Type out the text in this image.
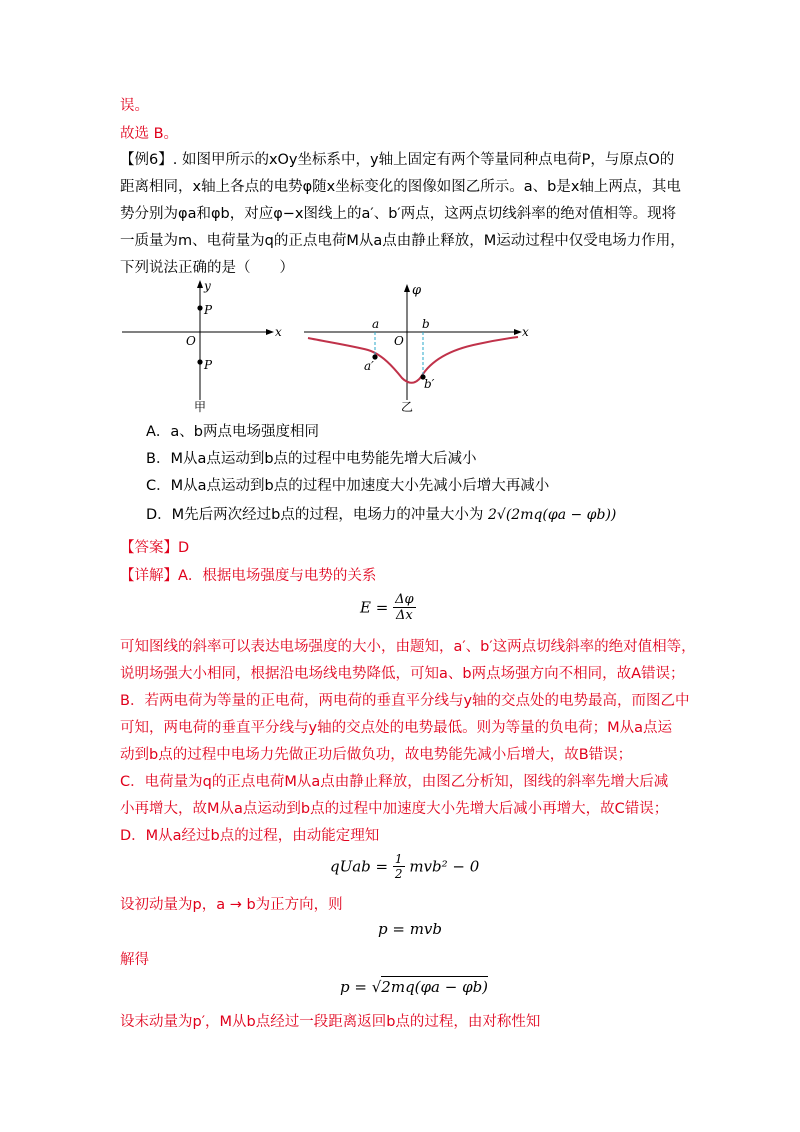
误。
故选 B。
【例6】. 如图甲所示的xOy坐标系中，y轴上固定有两个等量同种点电荷P，与原点O的
距离相同，x轴上各点的电势φ随x坐标变化的图像如图乙所示。a、b是x轴上两点，其电
势分别为φa和φb，对应φ−x图线上的a′、b′两点，这两点切线斜率的绝对值相等。现将
一质量为m、电荷量为q的正点电荷M从a点由静止释放，M运动过程中仅受电场力作用，
下列说法正确的是（　　）
y
x
O
P
P
甲
a	b
O
φ
x
a′
b′
乙
A．a、b两点电场强度相同
B．M从a点运动到b点的过程中电势能先增大后减小
C．M从a点运动到b点的过程中加速度大小先减小后增大再减小
D．M先后两次经过b点的过程，电场力的冲量大小为 2√(2mq(φa − φb))
【答案】D
【详解】A．根据电场强度与电势的关系
$E = \frac{\Delta\varphi}{\Delta x}$
可知图线的斜率可以表达电场强度的大小，由题知，a′、b′这两点切线斜率的绝对值相等，
说明场强大小相同，根据沿电场线电势降低，可知a、b两点场强方向不相同，故A错误；
B．若两电荷为等量的正电荷，两电荷的垂直平分线与y轴的交点处的电势最高，而图乙中
可知，两电荷的垂直平分线与y轴的交点处的电势最低。则为等量的负电荷；M从a点运
动到b点的过程中电场力先做正功后做负功，故电势能先减小后增大，故B错误；
C．电荷量为q的正点电荷M从a点由静止释放，由图乙分析知，图线的斜率先增大后减
小再增大，故M从a点运动到b点的过程中加速度大小先增大后减小再增大，故C错误；
D．M从a经过b点的过程，由动能定理知
qUab = $\frac{1}{2} mvb^2 - 0$
设初动量为p，a → b为正方向，则
p = mvb
解得
p = √2mq(φa − φb)
设末动量为p′，M从b点经过一段距离返回b点的过程，由对称性知
